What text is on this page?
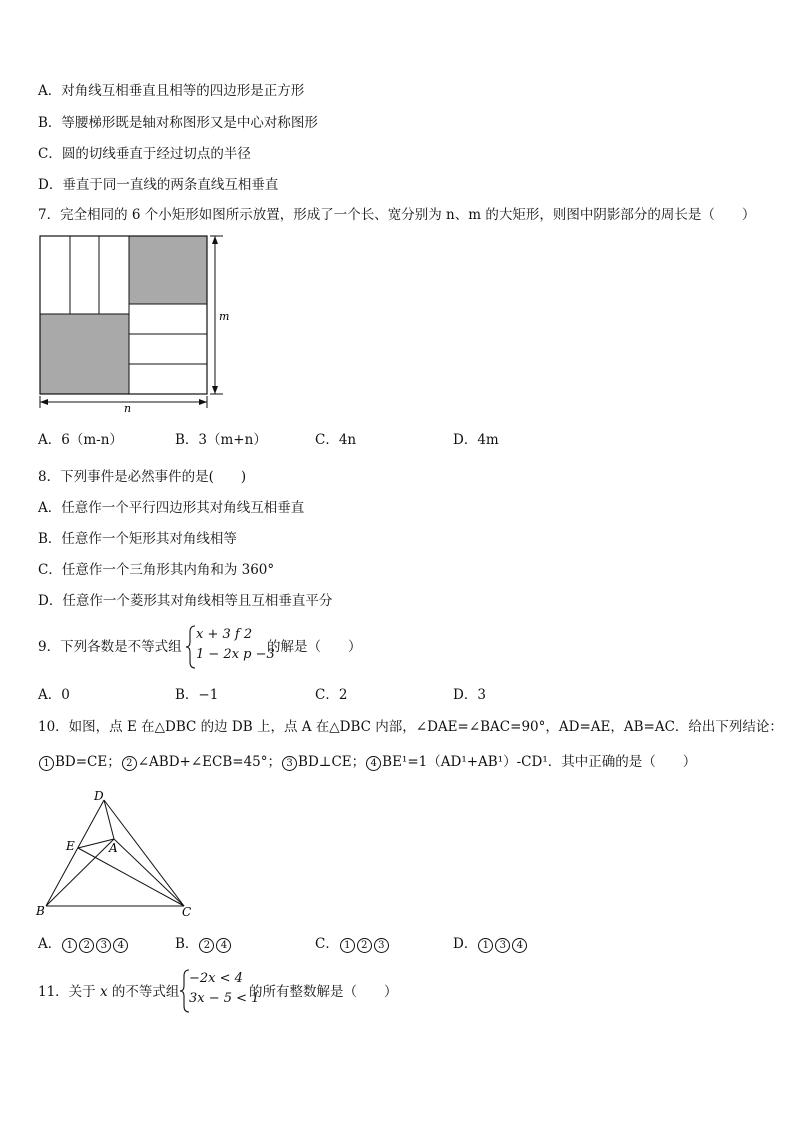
A．对角线互相垂直且相等的四边形是正方形
B．等腰梯形既是轴对称图形又是中心对称图形
C．圆的切线垂直于经过切点的半径
D．垂直于同一直线的两条直线互相垂直
7．完全相同的 6 个小矩形如图所示放置，形成了一个长、宽分别为 n、m 的大矩形，则图中阴影部分的周长是（　　）
m
n
A．6（m-n）	B．3（m+n）	C．4n	D．4m
8．下列事件是必然事件的是(　　)
A．任意作一个平行四边形其对角线互相垂直
B．任意作一个矩形其对角线相等
C．任意作一个三角形其内角和为 360°
D．任意作一个菱形其对角线相等且互相垂直平分
9．下列各数是不等式组
x + 3 f 2
1 − 2x p −3
的解是（　　）
A．0	B．−1	C．2	D．3
10．如图，点 E 在△DBC 的边 DB 上，点 A 在△DBC 内部，∠DAE=∠BAC=90°，AD=AE，AB=AC．给出下列结论：
1 BD=CE； 2 ∠ABD+∠ECB=45°； 3 BD⊥CE； 4 BE¹=1（AD¹+AB¹）-CD¹．其中正确的是（　　）
D
E	A
B	C
A． 1 2 3 4	B． 2 4	C． 1 2 3	D． 1 3 4
11．关于 x 的不等式组
−2x < 4
3x − 5 < 1
的所有整数解是（　　）
